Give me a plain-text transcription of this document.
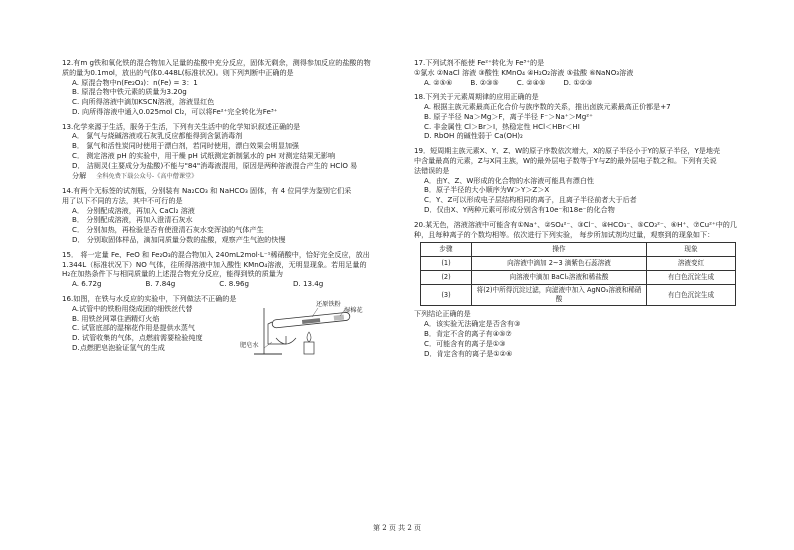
12.有m g铁和氧化铁的混合物加入足量的盐酸中充分反应，固体无剩余，测得参加反应的盐酸的物

质的量为0.1mol，放出的气体0.448L(标准状况)。则下列判断中正确的是

A. 原混合物中n(Fe₂O₃)：n(Fe) = 3：1

B. 原混合物中铁元素的质量为3.20g

C. 向所得溶液中滴加KSCN溶液，溶液显红色

D. 向所得溶液中通入0.025mol Cl₂，可以将Fe²⁺完全转化为Fe³⁺

13.化学来源于生活，服务于生活，下列有关生活中的化学知识叙述正确的是

A． 氯气与烧碱溶液或石灰乳反应都能得到含氯消毒剂

B． 氯气和活性炭同时使用于漂白剂，若同时使用，漂白效果会明显加强

C． 测定溶液 pH 的实验中，用干燥 pH 试纸测定新制氯水的 pH 对测定结果无影响

D． 洁厕灵(主要成分为盐酸)不能与"84"消毒液混用，原因是两种溶液混合产生的 HClO 易

分解 全科免费下载公众号-《高中僧课堂》

14.有两个无标签的试剂瓶，分别装有 Na₂CO₃ 和 NaHCO₃ 固体，有 4 位同学为鉴别它们采

用了以下不同的方法，其中不可行的是

A． 分别配成溶液，再加入 CaCl₂ 溶液

B． 分别配成溶液，再加入澄清石灰水

C． 分别加热，再检验是否有使澄清石灰水变浑浊的气体产生

D． 分别取固体样品，滴加同质量分数的盐酸，观察产生气泡的快慢

15． 将一定量 Fe、FeO 和 Fe₂O₃的混合物加入 240mL2mol·L⁻¹稀硝酸中，恰好完全反应，放出

1.344L（标准状况下）NO 气体，往所得溶液中加入酸性 KMnO₄溶液，无明显现象。若用足量的

H₂在加热条件下与相同质量的上述混合物充分反应，能得到铁的质量为

A. 6.72g	B. 7.84g	C. 8.96g	D. 13.4g

16.如图，在铁与水反应的实验中，下列做法不正确的是

A.试管中的铁粉用绕成团的细铁丝代替

B. 用铁丝网罩住酒精灯火焰

C. 试管底部的湿棉花作用是提供水蒸气

D. 试管收集的气体，点燃前需要检验纯度

D.点燃肥皂泡验证氢气的生成

还原铁粉
湿棉花
肥皂水

17.下列试剂不能使 Fe²⁺转化为 Fe³⁺的是

①氯水 ②NaCl 溶液 ③酸性 KMnO₄ ④H₂O₂溶液 ⑤盐酸 ⑥NaNO₃溶液

A. ②⑤⑥	B. ②③⑤	C. ②④⑤	D. ①②③

18.下列关于元素周期律的应用正确的是

A. 根据主族元素最高正化合价与族序数的关系，推出卤族元素最高正价都是+7

B. 原子半径 Na＞Mg＞F，离子半径 F⁻＞Na⁺＞Mg²⁺

C. 非金属性 Cl＞Br＞I，热稳定性 HCl＜HBr＜HI

D. RbOH 的碱性弱于 Ca(OH)₂

19．短周期主族元素X、Y、Z、W的原子序数依次增大，X的原子半径小于Y的原子半径，Y是地壳

中含量最高的元素，Z与X同主族，W的最外层电子数等于Y与Z的最外层电子数之和。下列有关说

法错误的是

A．由Y、Z、W形成的化合物的水溶液可能具有漂白性

B．原子半径的大小顺序为W＞Y＞Z＞X

C．Y、Z可以形成电子层结构相同的离子，且离子半径前者大于后者

D．仅由X、Y两种元素可形成分别含有10e⁻和18e⁻的化合物

20.某无色，溶液溶液中可能含有①Na⁺、②SO₄²⁻、③Cl⁻、④HCO₃⁻、⑤CO₃²⁻、⑥H⁺、⑦Cu²⁺中的几

种，且每种离子的个数均相等。依次进行下列实验， 每步所加试剂均过量，观察到的现象如下：

步骤	操作	现象
(1)	向溶液中滴加 2~3 滴紫色石蕊溶液	溶液变红
(2)	向溶液中滴加 BaCl₂溶液和稀盐酸	有白色沉淀生成
(3)	将(2)中所得沉淀过滤，向滤液中加入 AgNO₃溶液和稀硝酸	有白色沉淀生成

下列结论正确的是

A．该实验无法确定是否含有③

B．肯定不含的离子有④⑤⑦

C．可能含有的离子是①③

D．肯定含有的离子是①②⑥

第 2 页 共 2 页
